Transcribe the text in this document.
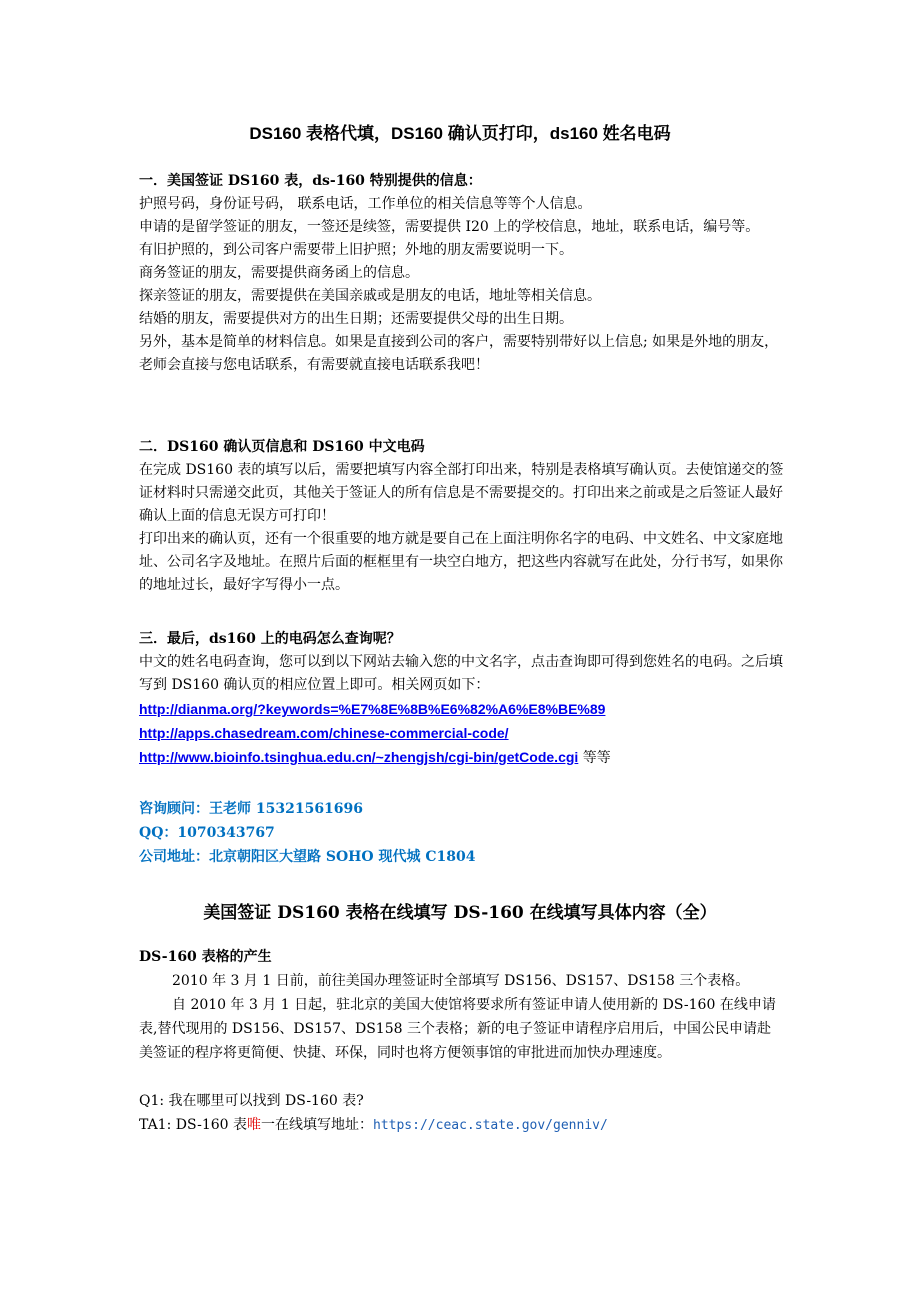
DS160 表格代填，DS160 确认页打印，ds160 姓名电码

一．美国签证 DS160 表，ds-160 特别提供的信息：

护照号码，身份证号码， 联系电话，工作单位的相关信息等等个人信息。

申请的是留学签证的朋友，一签还是续签，需要提供 I20 上的学校信息，地址，联系电话，编号等。

有旧护照的，到公司客户需要带上旧护照；外地的朋友需要说明一下。

商务签证的朋友，需要提供商务函上的信息。

探亲签证的朋友，需要提供在美国亲戚或是朋友的电话，地址等相关信息。

结婚的朋友，需要提供对方的出生日期；还需要提供父母的出生日期。

另外，基本是简单的材料信息。如果是直接到公司的客户，需要特别带好以上信息; 如果是外地的朋友，老师会直接与您电话联系，有需要就直接电话联系我吧！

二．DS160 确认页信息和 DS160 中文电码

在完成 DS160 表的填写以后，需要把填写内容全部打印出来，特别是表格填写确认页。去使馆递交的签证材料时只需递交此页，其他关于签证人的所有信息是不需要提交的。打印出来之前或是之后签证人最好确认上面的信息无误方可打印！

打印出来的确认页，还有一个很重要的地方就是要自己在上面注明你名字的电码、中文姓名、中文家庭地址、公司名字及地址。在照片后面的框框里有一块空白地方，把这些内容就写在此处，分行书写，如果你的地址过长，最好字写得小一点。

三．最后，ds160 上的电码怎么查询呢？

中文的姓名电码查询，您可以到以下网站去输入您的中文名字，点击查询即可得到您姓名的电码。之后填写到 DS160 确认页的相应位置上即可。相关网页如下：

http://dianma.org/?keywords=%E7%8E%8B%E6%82%A6%E8%BE%89
http://apps.chasedream.com/chinese-commercial-code/
http://www.bioinfo.tsinghua.edu.cn/~zhengjsh/cgi-bin/getCode.cgi 等等

咨询顾问：王老师 15321561696

QQ：1070343767

公司地址：北京朝阳区大望路 SOHO 现代城 C1804

美国签证 DS160 表格在线填写 DS-160 在线填写具体内容（全）

DS-160 表格的产生

2010 年 3 月 1 日前，前往美国办理签证时全部填写 DS156、DS157、DS158 三个表格。

自 2010 年 3 月 1 日起，驻北京的美国大使馆将要求所有签证申请人使用新的 DS-160 在线申请表,替代现用的 DS156、DS157、DS158 三个表格；新的电子签证申请程序启用后，中国公民申请赴美签证的程序将更简便、快捷、环保，同时也将方便领事馆的审批进而加快办理速度。

Q1: 我在哪里可以找到 DS-160 表?

TA1: DS-160 表唯一在线填写地址：https://ceac.state.gov/genniv/
